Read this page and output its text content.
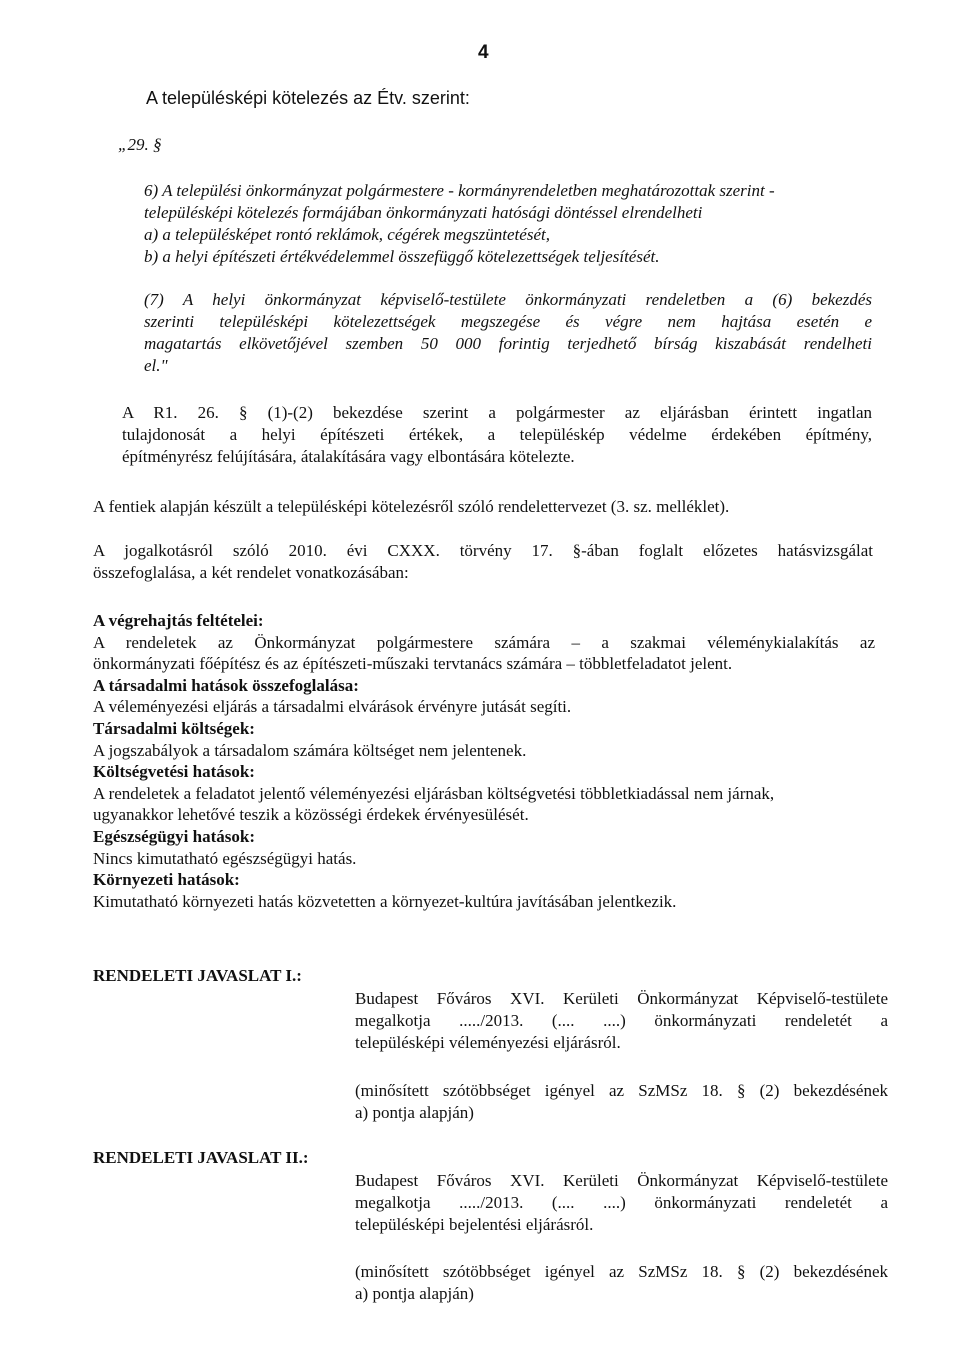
4
A településképi kötelezés az Étv. szerint:
„29. §
6) A települési önkormányzat polgármestere - kormányrendeletben meghatározottak szerint -
településképi kötelezés formájában önkormányzati hatósági döntéssel elrendelheti
a) a településképet rontó reklámok, cégérek megszüntetését,
b) a helyi építészeti értékvédelemmel összefüggő kötelezettségek teljesítését.
(7) A helyi önkormányzat képviselő-testülete önkormányzati rendeletben a (6) bekezdés
szerinti településképi kötelezettségek megszegése és végre nem hajtása esetén e
magatartás elkövetőjével szemben 50 000 forintig terjedhető bírság kiszabását rendelheti
el."
A R1. 26. § (1)-(2) bekezdése szerint a polgármester az eljárásban érintett ingatlan
tulajdonosát a helyi építészeti értékek, a településkép védelme érdekében építmény,
építményrész felújítására, átalakítására vagy elbontására kötelezte.
A fentiek alapján készült a településképi kötelezésről szóló rendelettervezet (3. sz. melléklet).
A jogalkotásról szóló 2010. évi CXXX. törvény 17. §-ában foglalt előzetes hatásvizsgálat
összefoglalása, a két rendelet vonatkozásában:
A végrehajtás feltételei:
A rendeletek az Önkormányzat polgármestere számára – a szakmai véleménykialakítás az
önkormányzati főépítész és az építészeti-műszaki tervtanács számára – többletfeladatot jelent.
A társadalmi hatások összefoglalása:
A véleményezési eljárás a társadalmi elvárások érvényre jutását segíti.
Társadalmi költségek:
A jogszabályok a társadalom számára költséget nem jelentenek.
Költségvetési hatások:
A rendeletek a feladatot jelentő véleményezési eljárásban költségvetési többletkiadással nem járnak,
ugyanakkor lehetővé teszik a közösségi érdekek érvényesülését.
Egészségügyi hatások:
Nincs kimutatható egészségügyi hatás.
Környezeti hatások:
Kimutatható környezeti hatás közvetetten a környezet-kultúra javításában jelentkezik.
RENDELETI JAVASLAT I.:
Budapest Főváros XVI. Kerületi Önkormányzat Képviselő-testülete
megalkotja ...../2013. (.... ....) önkormányzati rendeletét a
településképi véleményezési eljárásról.
(minősített szótöbbséget igényel az SzMSz 18. § (2) bekezdésének
a) pontja alapján)
RENDELETI JAVASLAT II.:
Budapest Főváros XVI. Kerületi Önkormányzat Képviselő-testülete
megalkotja ...../2013. (.... ....) önkormányzati rendeletét a
településképi bejelentési eljárásról.
(minősített szótöbbséget igényel az SzMSz 18. § (2) bekezdésének
a) pontja alapján)
